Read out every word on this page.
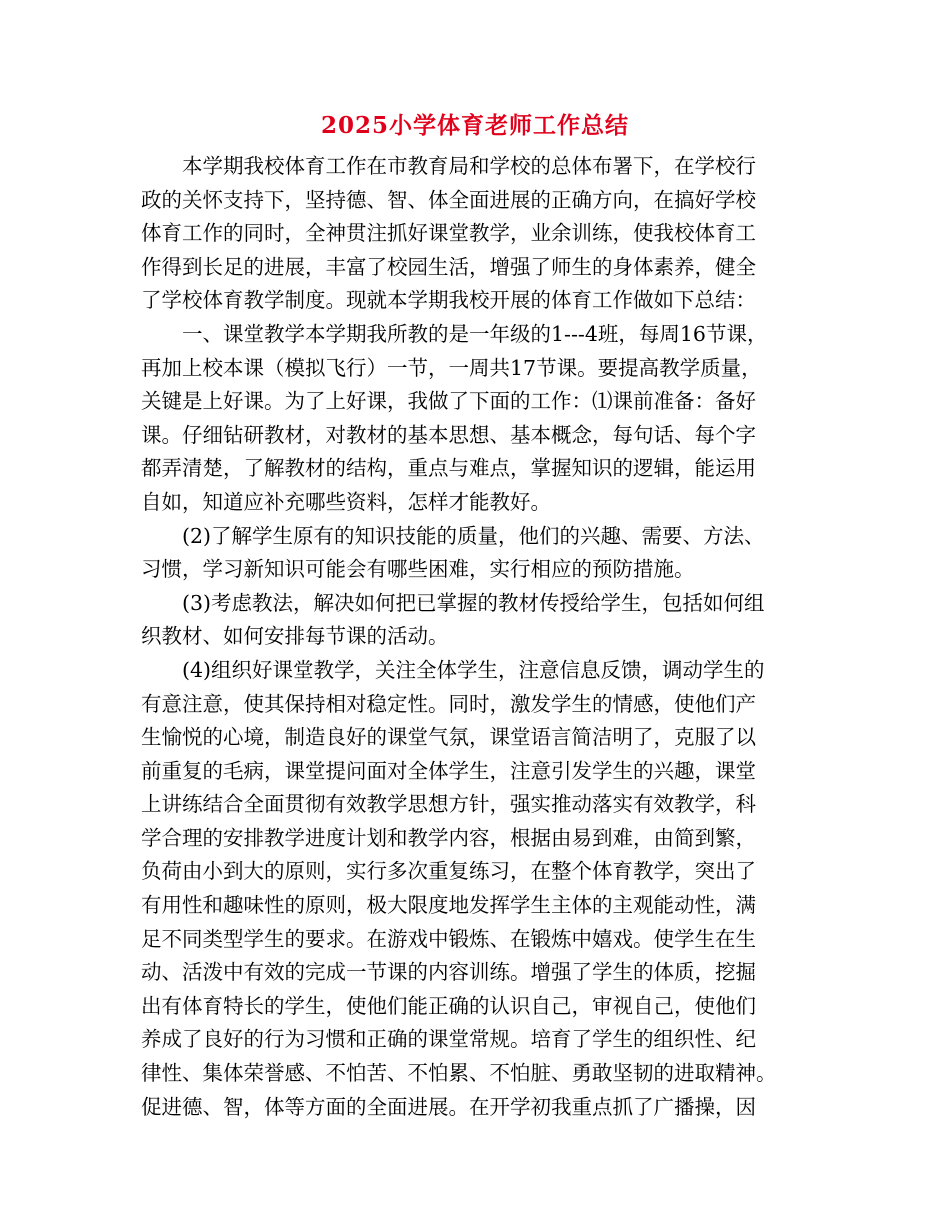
2025小学体育老师工作总结
本学期我校体育工作在市教育局和学校的总体布署下，在学校行
政的关怀支持下，坚持德、智、体全面进展的正确方向，在搞好学校
体育工作的同时，全神贯注抓好课堂教学，业余训练，使我校体育工
作得到长足的进展，丰富了校园生活，增强了师生的身体素养，健全
了学校体育教学制度。现就本学期我校开展的体育工作做如下总结：
一、课堂教学本学期我所教的是一年级的1---4班，每周16节课，
再加上校本课（模拟飞行）一节，一周共17节课。要提高教学质量，
关键是上好课。为了上好课，我做了下面的工作：⑴课前准备：备好
课。仔细钻研教材，对教材的基本思想、基本概念，每句话、每个字
都弄清楚，了解教材的结构，重点与难点，掌握知识的逻辑，能运用
自如，知道应补充哪些资料，怎样才能教好。
(2)了解学生原有的知识技能的质量，他们的兴趣、需要、方法、
习惯，学习新知识可能会有哪些困难，实行相应的预防措施。
(3)考虑教法，解决如何把已掌握的教材传授给学生，包括如何组
织教材、如何安排每节课的活动。
(4)组织好课堂教学，关注全体学生，注意信息反馈，调动学生的
有意注意，使其保持相对稳定性。同时，激发学生的情感，使他们产
生愉悦的心境，制造良好的课堂气氛，课堂语言简洁明了，克服了以
前重复的毛病，课堂提问面对全体学生，注意引发学生的兴趣，课堂
上讲练结合全面贯彻有效教学思想方针，强实推动落实有效教学，科
学合理的安排教学进度计划和教学内容，根据由易到难，由简到繁，
负荷由小到大的原则，实行多次重复练习，在整个体育教学，突出了
有用性和趣味性的原则，极大限度地发挥学生主体的主观能动性，满
足不同类型学生的要求。在游戏中锻炼、在锻炼中嬉戏。使学生在生
动、活泼中有效的完成一节课的内容训练。增强了学生的体质，挖掘
出有体育特长的学生，使他们能正确的认识自己，审视自己，使他们
养成了良好的行为习惯和正确的课堂常规。培育了学生的组织性、纪
律性、集体荣誉感、不怕苦、不怕累、不怕脏、勇敢坚韧的进取精神。
促进德、智，体等方面的全面进展。在开学初我重点抓了广播操，因
